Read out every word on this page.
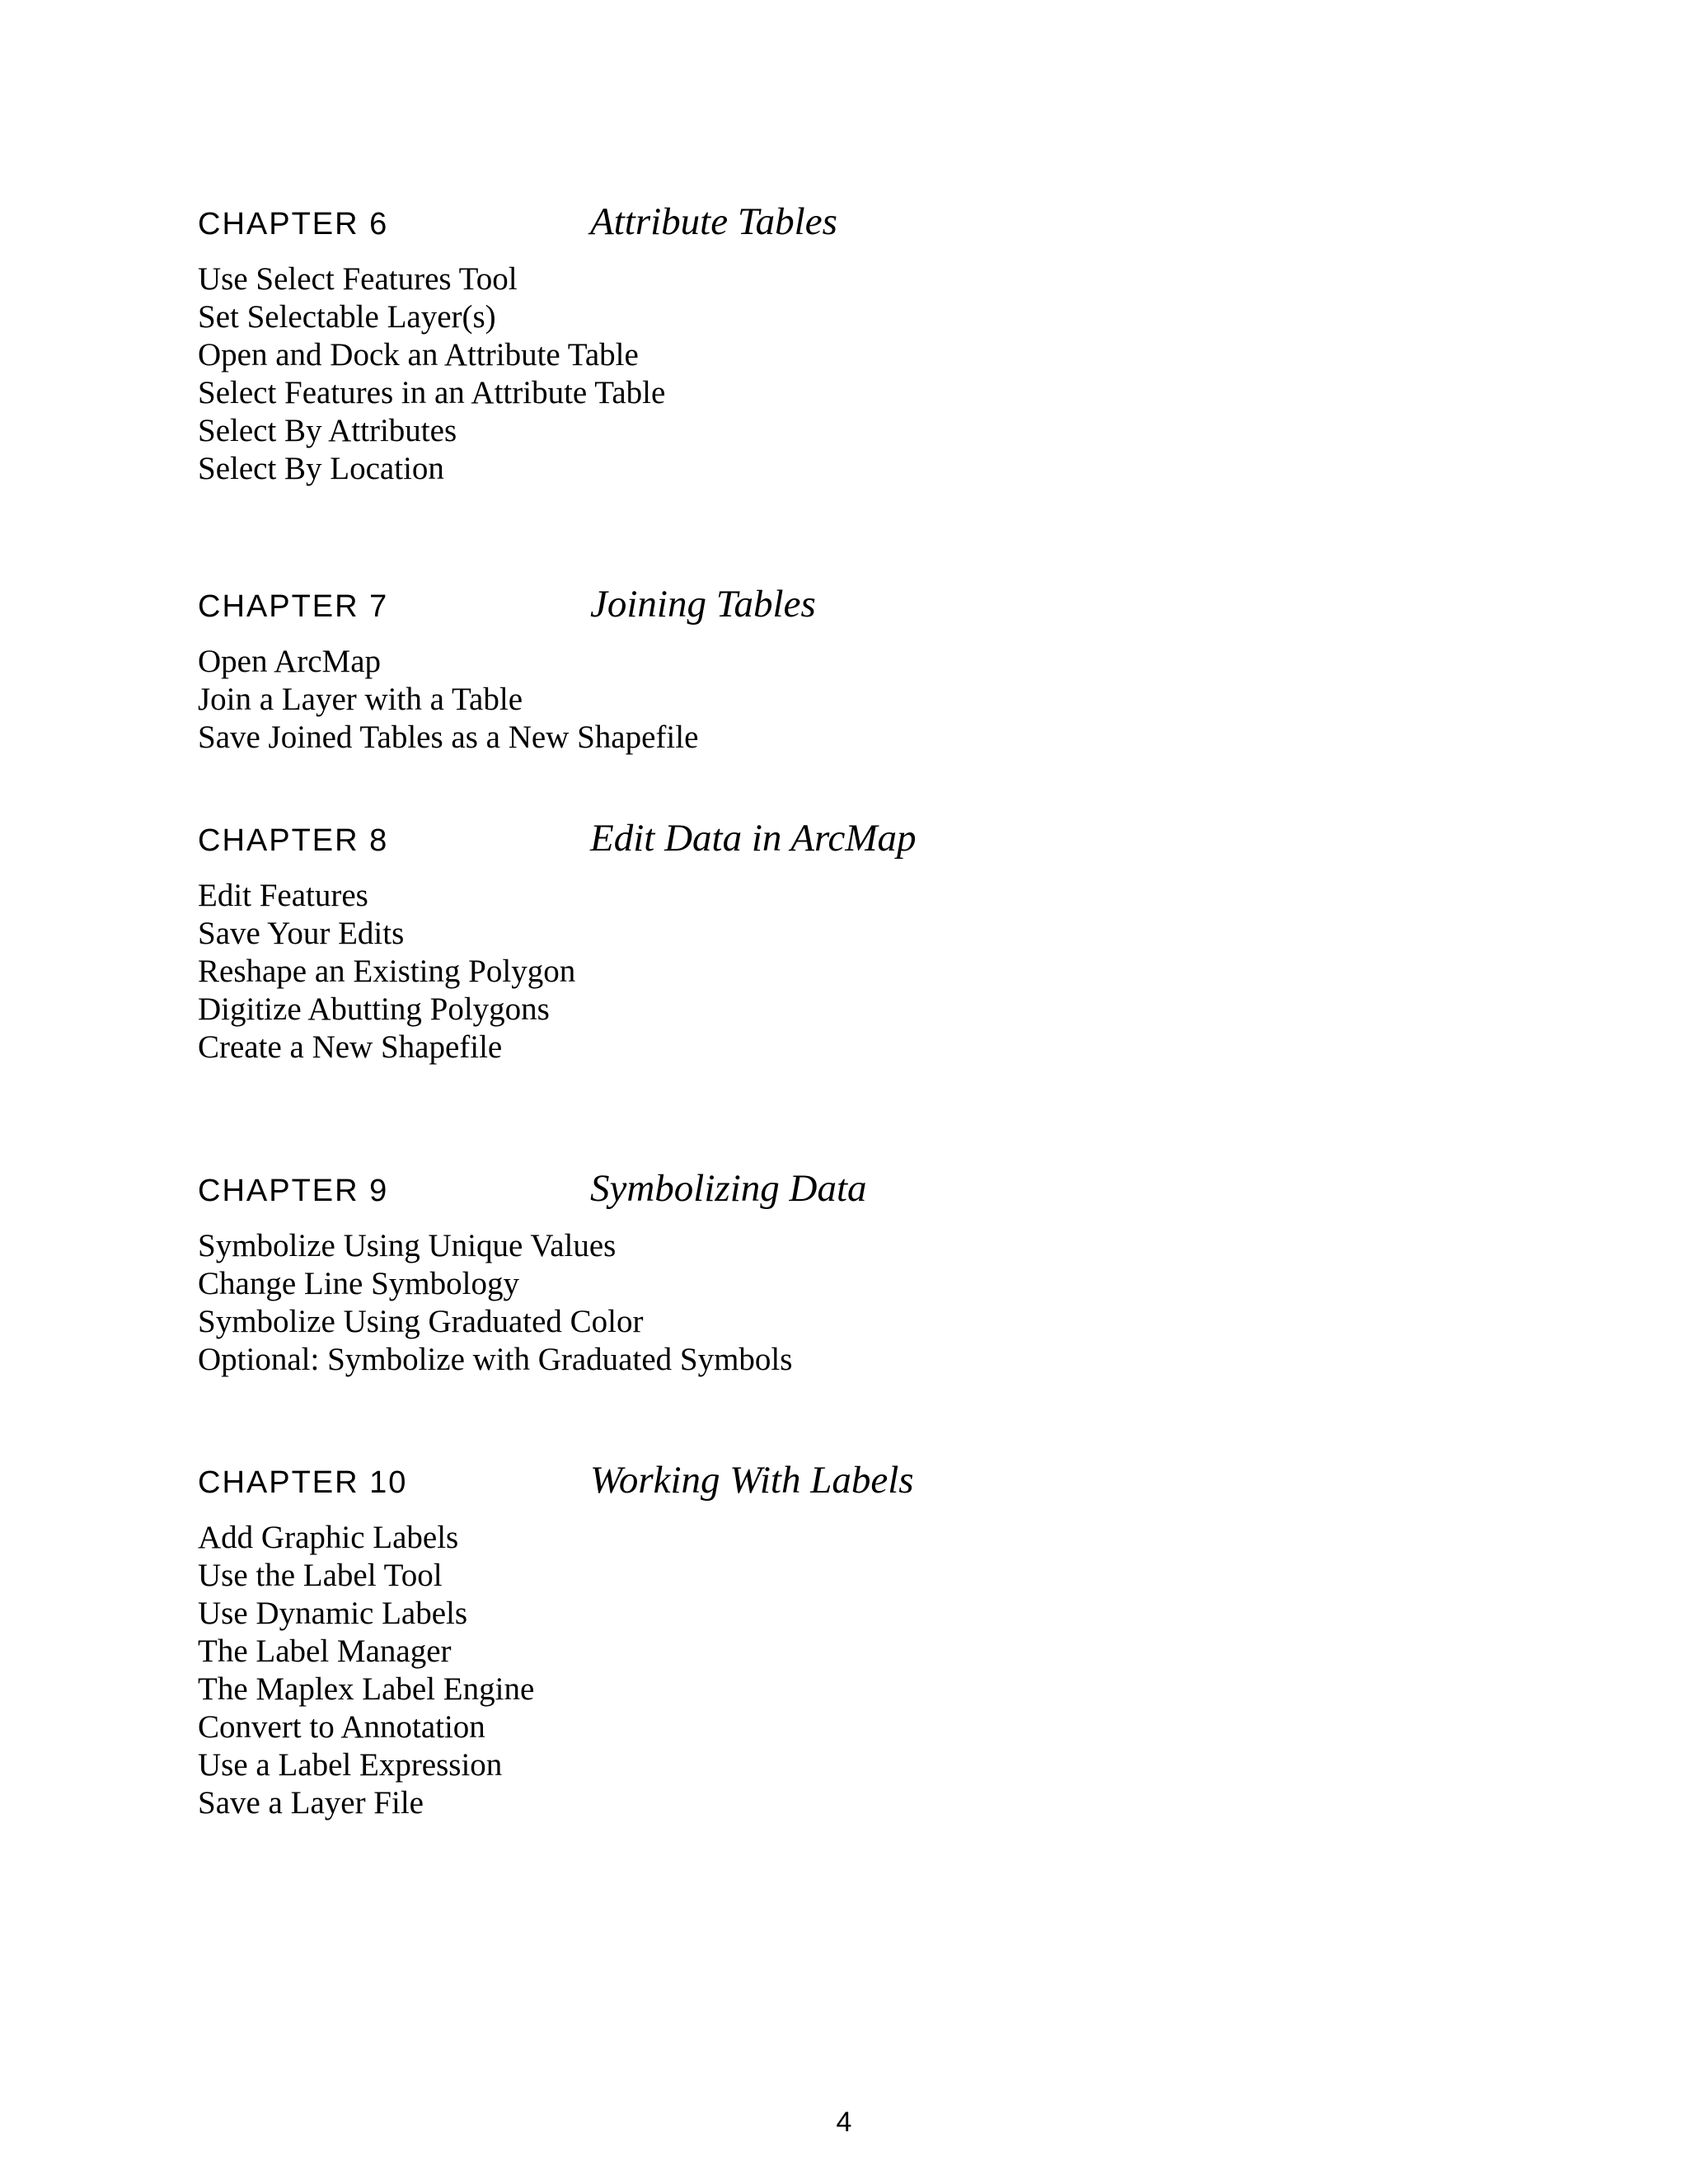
CHAPTER 6	Attribute Tables
Use Select Features Tool
Set Selectable Layer(s)
Open and Dock an Attribute Table
Select Features in an Attribute Table
Select By Attributes
Select By Location
CHAPTER 7	Joining Tables
Open ArcMap
Join a Layer with a Table
Save Joined Tables as a New Shapefile
CHAPTER 8	Edit Data in ArcMap
Edit Features
Save Your Edits
Reshape an Existing Polygon
Digitize Abutting Polygons
Create a New Shapefile
CHAPTER 9	Symbolizing Data
Symbolize Using Unique Values
Change Line Symbology
Symbolize Using Graduated Color
Optional: Symbolize with Graduated Symbols
CHAPTER 10	Working With Labels
Add Graphic Labels
Use the Label Tool
Use Dynamic Labels
The Label Manager
The Maplex Label Engine
Convert to Annotation
Use a Label Expression
Save a Layer File
4
